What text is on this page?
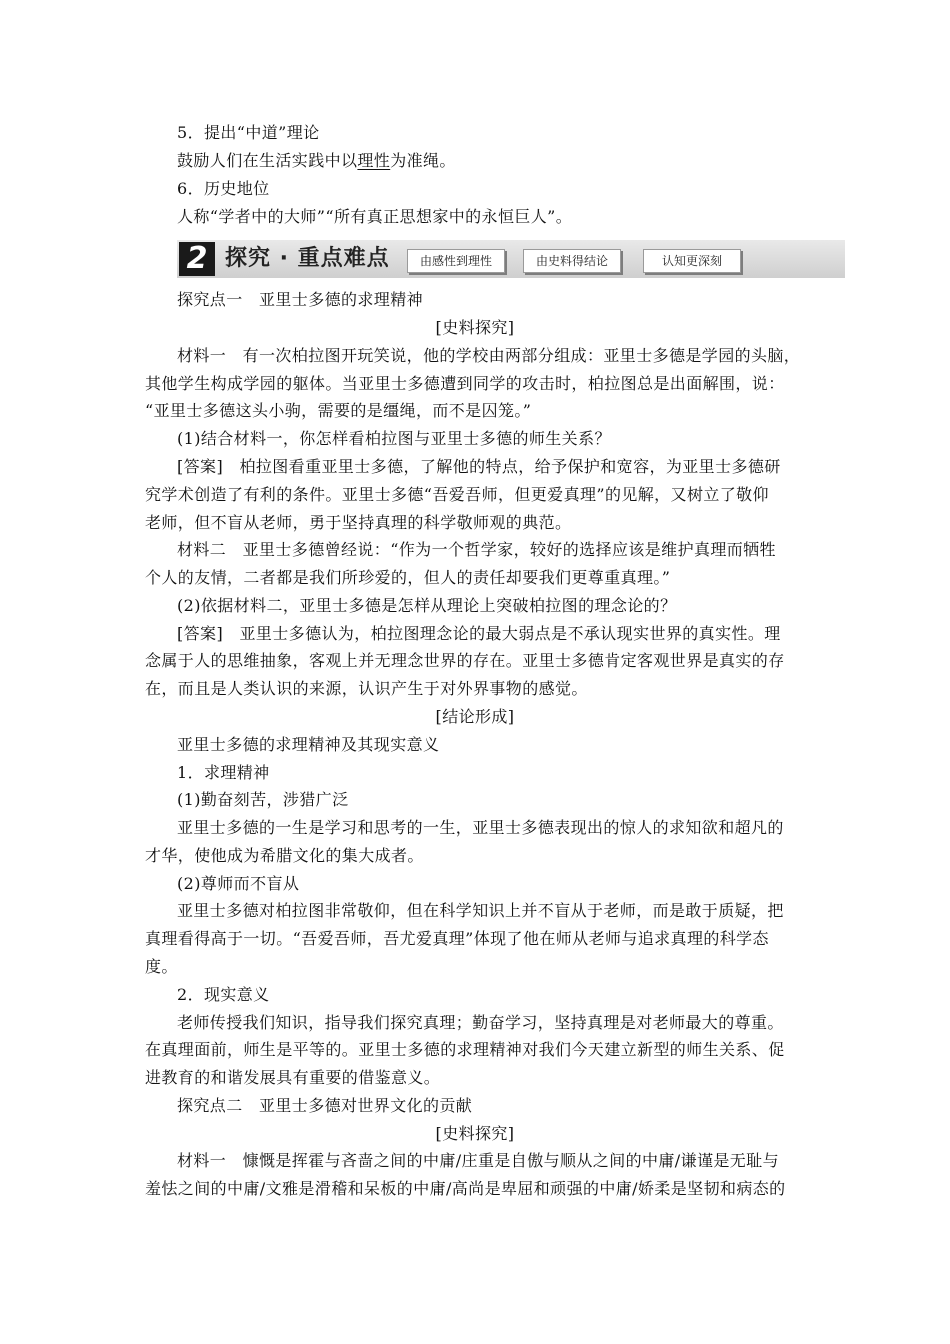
5．提出“中道”理论
鼓励人们在生活实践中以理性为准绳。
6．历史地位
人称“学者中的大师”“所有真正思想家中的永恒巨人”。
2 探究 · 重点难点	由感性到理性	由史料得结论	认知更深刻
探究点一　亚里士多德的求理精神
[史料探究]
材料一　有一次柏拉图开玩笑说，他的学校由两部分组成：亚里士多德是学园的头脑，
其他学生构成学园的躯体。当亚里士多德遭到同学的攻击时，柏拉图总是出面解围，说：
“亚里士多德这头小驹，需要的是缰绳，而不是囚笼。”
(1)结合材料一，你怎样看柏拉图与亚里士多德的师生关系？
[答案]　柏拉图看重亚里士多德，了解他的特点，给予保护和宽容，为亚里士多德研
究学术创造了有利的条件。亚里士多德“吾爱吾师，但更爱真理”的见解，又树立了敬仰
老师，但不盲从老师，勇于坚持真理的科学敬师观的典范。
材料二　亚里士多德曾经说：“作为一个哲学家，较好的选择应该是维护真理而牺牲
个人的友情，二者都是我们所珍爱的，但人的责任却要我们更尊重真理。”
(2)依据材料二，亚里士多德是怎样从理论上突破柏拉图的理念论的？
[答案]　亚里士多德认为，柏拉图理念论的最大弱点是不承认现实世界的真实性。理
念属于人的思维抽象，客观上并无理念世界的存在。亚里士多德肯定客观世界是真实的存
在，而且是人类认识的来源，认识产生于对外界事物的感觉。
[结论形成]
亚里士多德的求理精神及其现实意义
1．求理精神
(1)勤奋刻苦，涉猎广泛
亚里士多德的一生是学习和思考的一生，亚里士多德表现出的惊人的求知欲和超凡的
才华，使他成为希腊文化的集大成者。
(2)尊师而不盲从
亚里士多德对柏拉图非常敬仰，但在科学知识上并不盲从于老师，而是敢于质疑，把
真理看得高于一切。“吾爱吾师，吾尤爱真理”体现了他在师从老师与追求真理的科学态
度。
2．现实意义
老师传授我们知识，指导我们探究真理；勤奋学习，坚持真理是对老师最大的尊重。
在真理面前，师生是平等的。亚里士多德的求理精神对我们今天建立新型的师生关系、促
进教育的和谐发展具有重要的借鉴意义。
探究点二　亚里士多德对世界文化的贡献
[史料探究]
材料一　慷慨是挥霍与吝啬之间的中庸/庄重是自傲与顺从之间的中庸/谦谨是无耻与
羞怯之间的中庸/文雅是滑稽和呆板的中庸/高尚是卑屈和顽强的中庸/娇柔是坚韧和病态的
